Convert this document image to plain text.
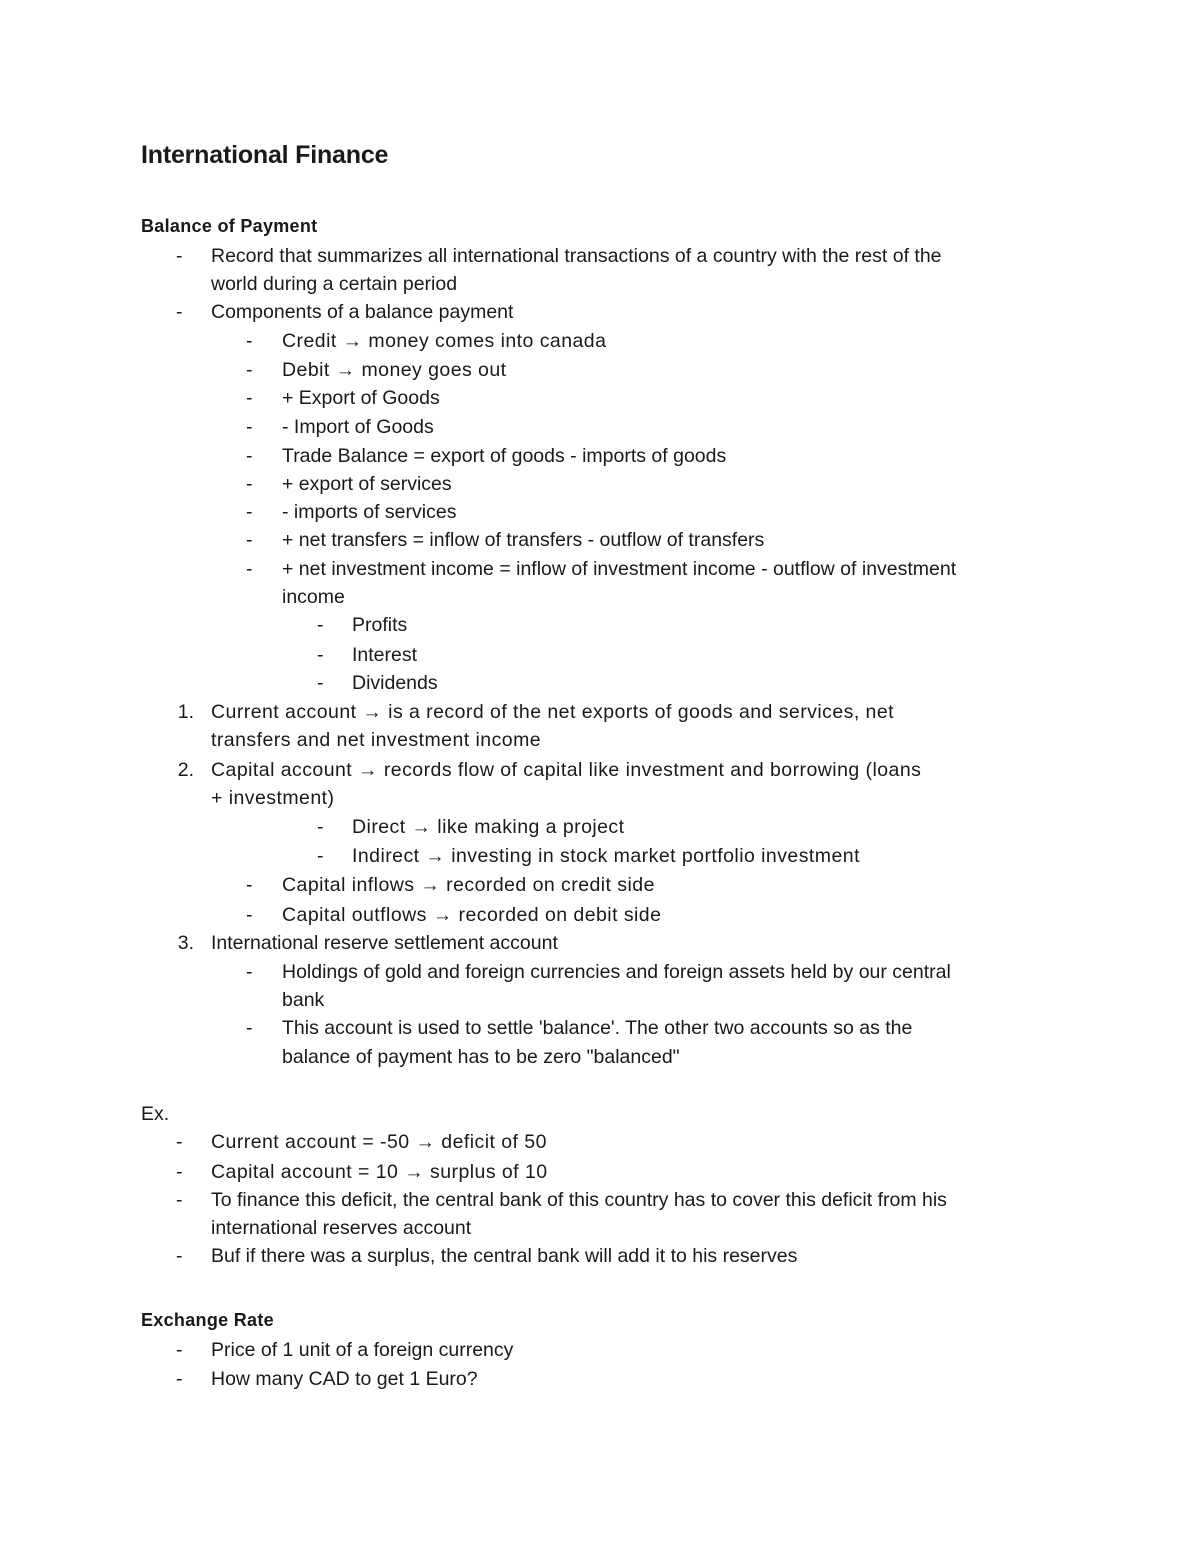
International Finance
Balance of Payment
- Record that summarizes all international transactions of a country with the rest of the
world during a certain period
- Components of a balance payment
- Credit → money comes into canada
- Debit → money goes out
- + Export of Goods
- - Import of Goods
- Trade Balance = export of goods - imports of goods
- + export of services
- - imports of services
- + net transfers = inflow of transfers - outflow of transfers
- + net investment income = inflow of investment income - outflow of investment
income
- Profits
- Interest
- Dividends
1. Current account → is a record of the net exports of goods and services, net
transfers and net investment income
2. Capital account → records flow of capital like investment and borrowing (loans
+ investment)
- Direct → like making a project
- Indirect → investing in stock market portfolio investment
- Capital inflows → recorded on credit side
- Capital outflows → recorded on debit side
3. International reserve settlement account
- Holdings of gold and foreign currencies and foreign assets held by our central
bank
- This account is used to settle 'balance'. The other two accounts so as the
balance of payment has to be zero "balanced"
Ex.
- Current account = -50 → deficit of 50
- Capital account = 10 → surplus of 10
- To finance this deficit, the central bank of this country has to cover this deficit from his
international reserves account
- Buf if there was a surplus, the central bank will add it to his reserves
Exchange Rate
- Price of 1 unit of a foreign currency
- How many CAD to get 1 Euro?
